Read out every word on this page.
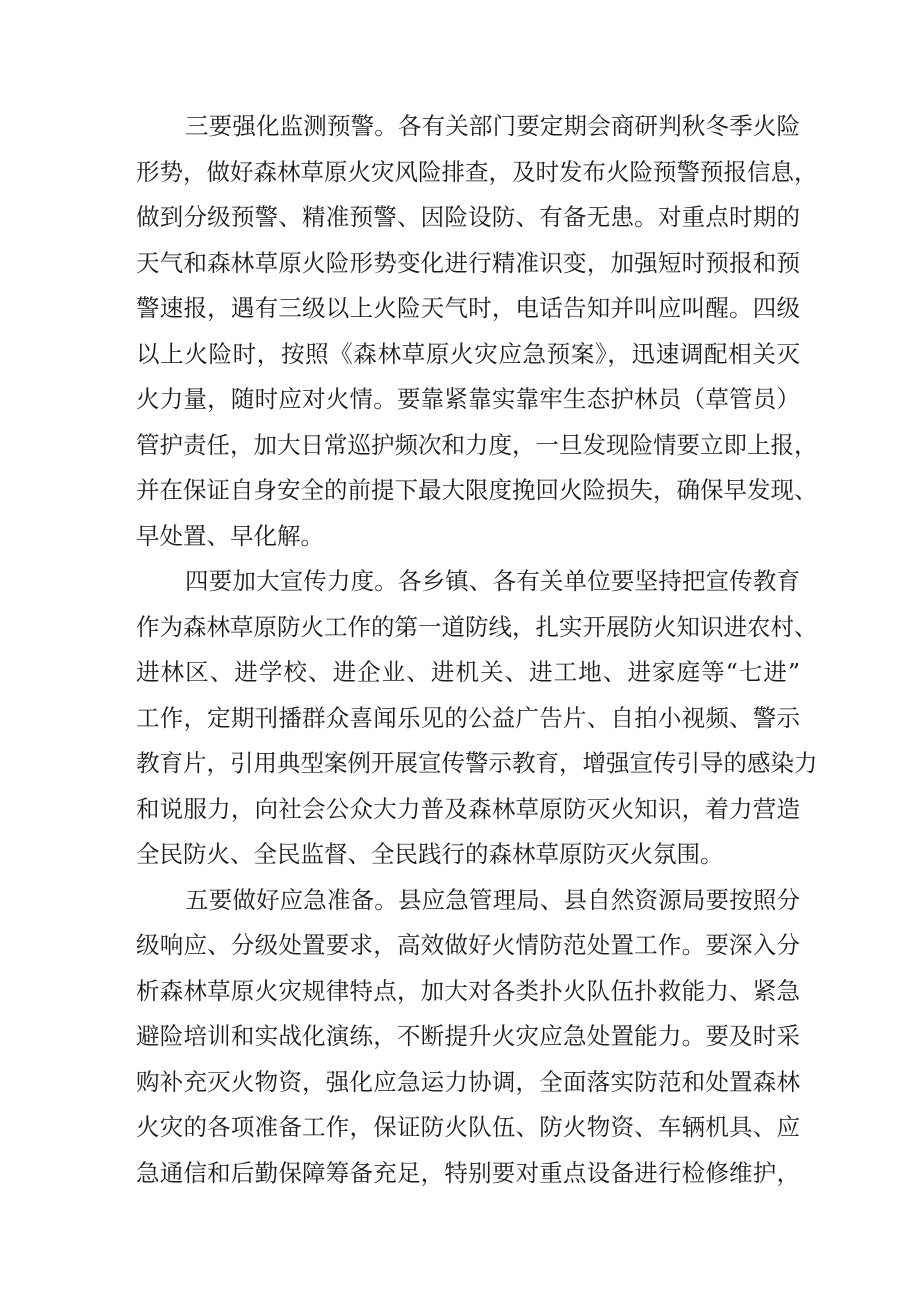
三要强化监测预警。各有关部门要定期会商研判秋冬季火险
形势，做好森林草原火灾风险排查，及时发布火险预警预报信息，
做到分级预警、精准预警、因险设防、有备无患。对重点时期的
天气和森林草原火险形势变化进行精准识变，加强短时预报和预
警速报，遇有三级以上火险天气时，电话告知并叫应叫醒。四级
以上火险时，按照《森林草原火灾应急预案》，迅速调配相关灭
火力量，随时应对火情。要靠紧靠实靠牢生态护林员（草管员）
管护责任，加大日常巡护频次和力度，一旦发现险情要立即上报，
并在保证自身安全的前提下最大限度挽回火险损失，确保早发现、
早处置、早化解。
四要加大宣传力度。各乡镇、各有关单位要坚持把宣传教育
作为森林草原防火工作的第一道防线，扎实开展防火知识进农村、
进林区、进学校、进企业、进机关、进工地、进家庭等“七进”
工作，定期刊播群众喜闻乐见的公益广告片、自拍小视频、警示
教育片，引用典型案例开展宣传警示教育，增强宣传引导的感染力
和说服力，向社会公众大力普及森林草原防灭火知识，着力营造
全民防火、全民监督、全民践行的森林草原防灭火氛围。
五要做好应急准备。县应急管理局、县自然资源局要按照分
级响应、分级处置要求，高效做好火情防范处置工作。要深入分
析森林草原火灾规律特点，加大对各类扑火队伍扑救能力、紧急
避险培训和实战化演练，不断提升火灾应急处置能力。要及时采
购补充灭火物资，强化应急运力协调，全面落实防范和处置森林
火灾的各项准备工作，保证防火队伍、防火物资、车辆机具、应
急通信和后勤保障筹备充足，特别要对重点设备进行检修维护，
